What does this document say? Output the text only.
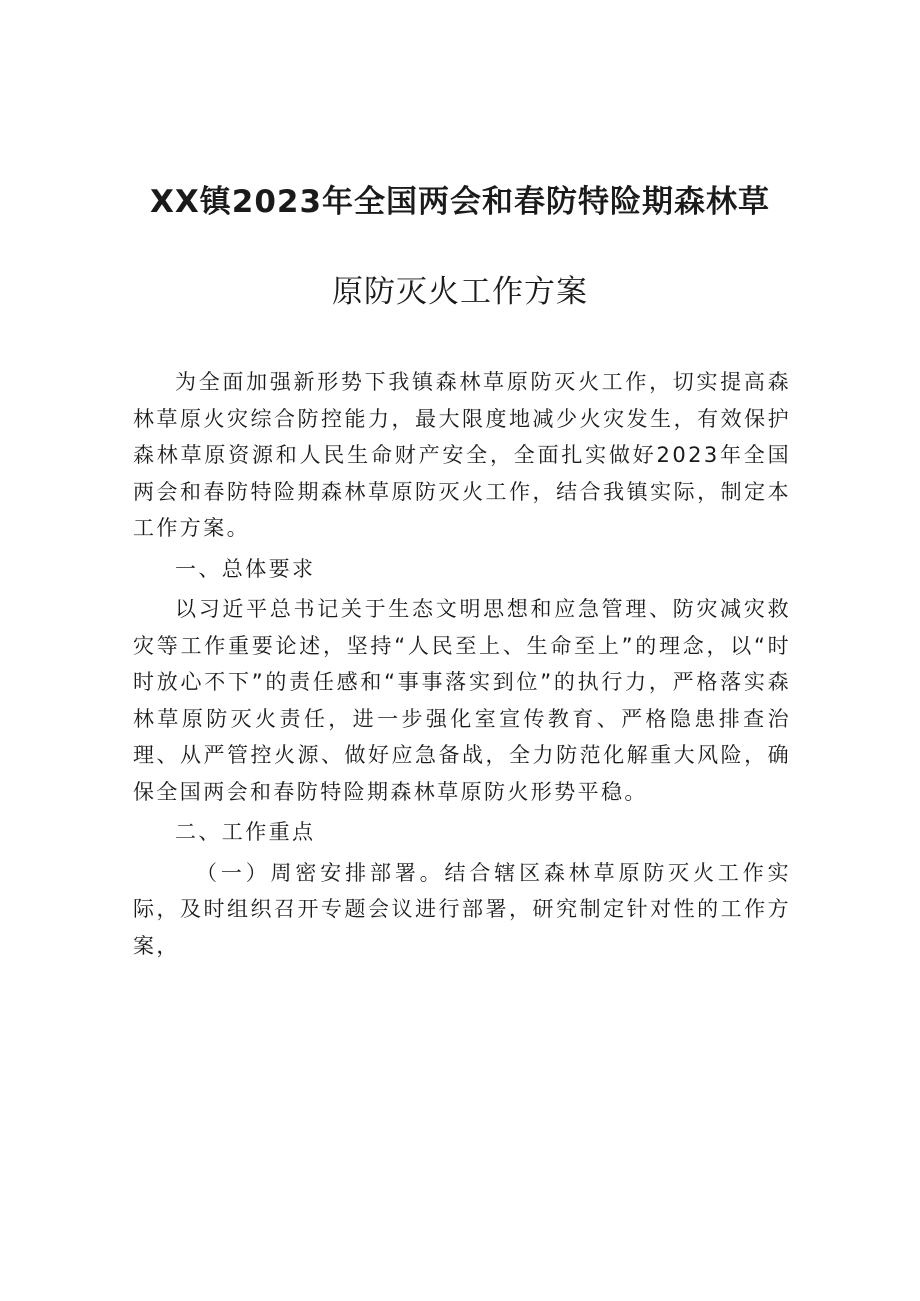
XX镇2023年全国两会和春防特险期森林草
原防灭火工作方案

为全面加强新形势下我镇森林草原防灭火工作，切实提高森林草原火灾综合防控能力，最大限度地减少火灾发生，有效保护森林草原资源和人民生命财产安全，全面扎实做好2023年全国两会和春防特险期森林草原防灭火工作，结合我镇实际，制定本工作方案。

一、总体要求

以习近平总书记关于生态文明思想和应急管理、防灾减灾救灾等工作重要论述，坚持“人民至上、生命至上”的理念，以“时时放心不下”的责任感和“事事落实到位”的执行力，严格落实森林草原防灭火责任，进一步强化室宣传教育、严格隐患排查治理、从严管控火源、做好应急备战，全力防范化解重大风险，确保全国两会和春防特险期森林草原防火形势平稳。

二、工作重点

（一）周密安排部署。结合辖区森林草原防灭火工作实际，及时组织召开专题会议进行部署，研究制定针对性的工作方案，
